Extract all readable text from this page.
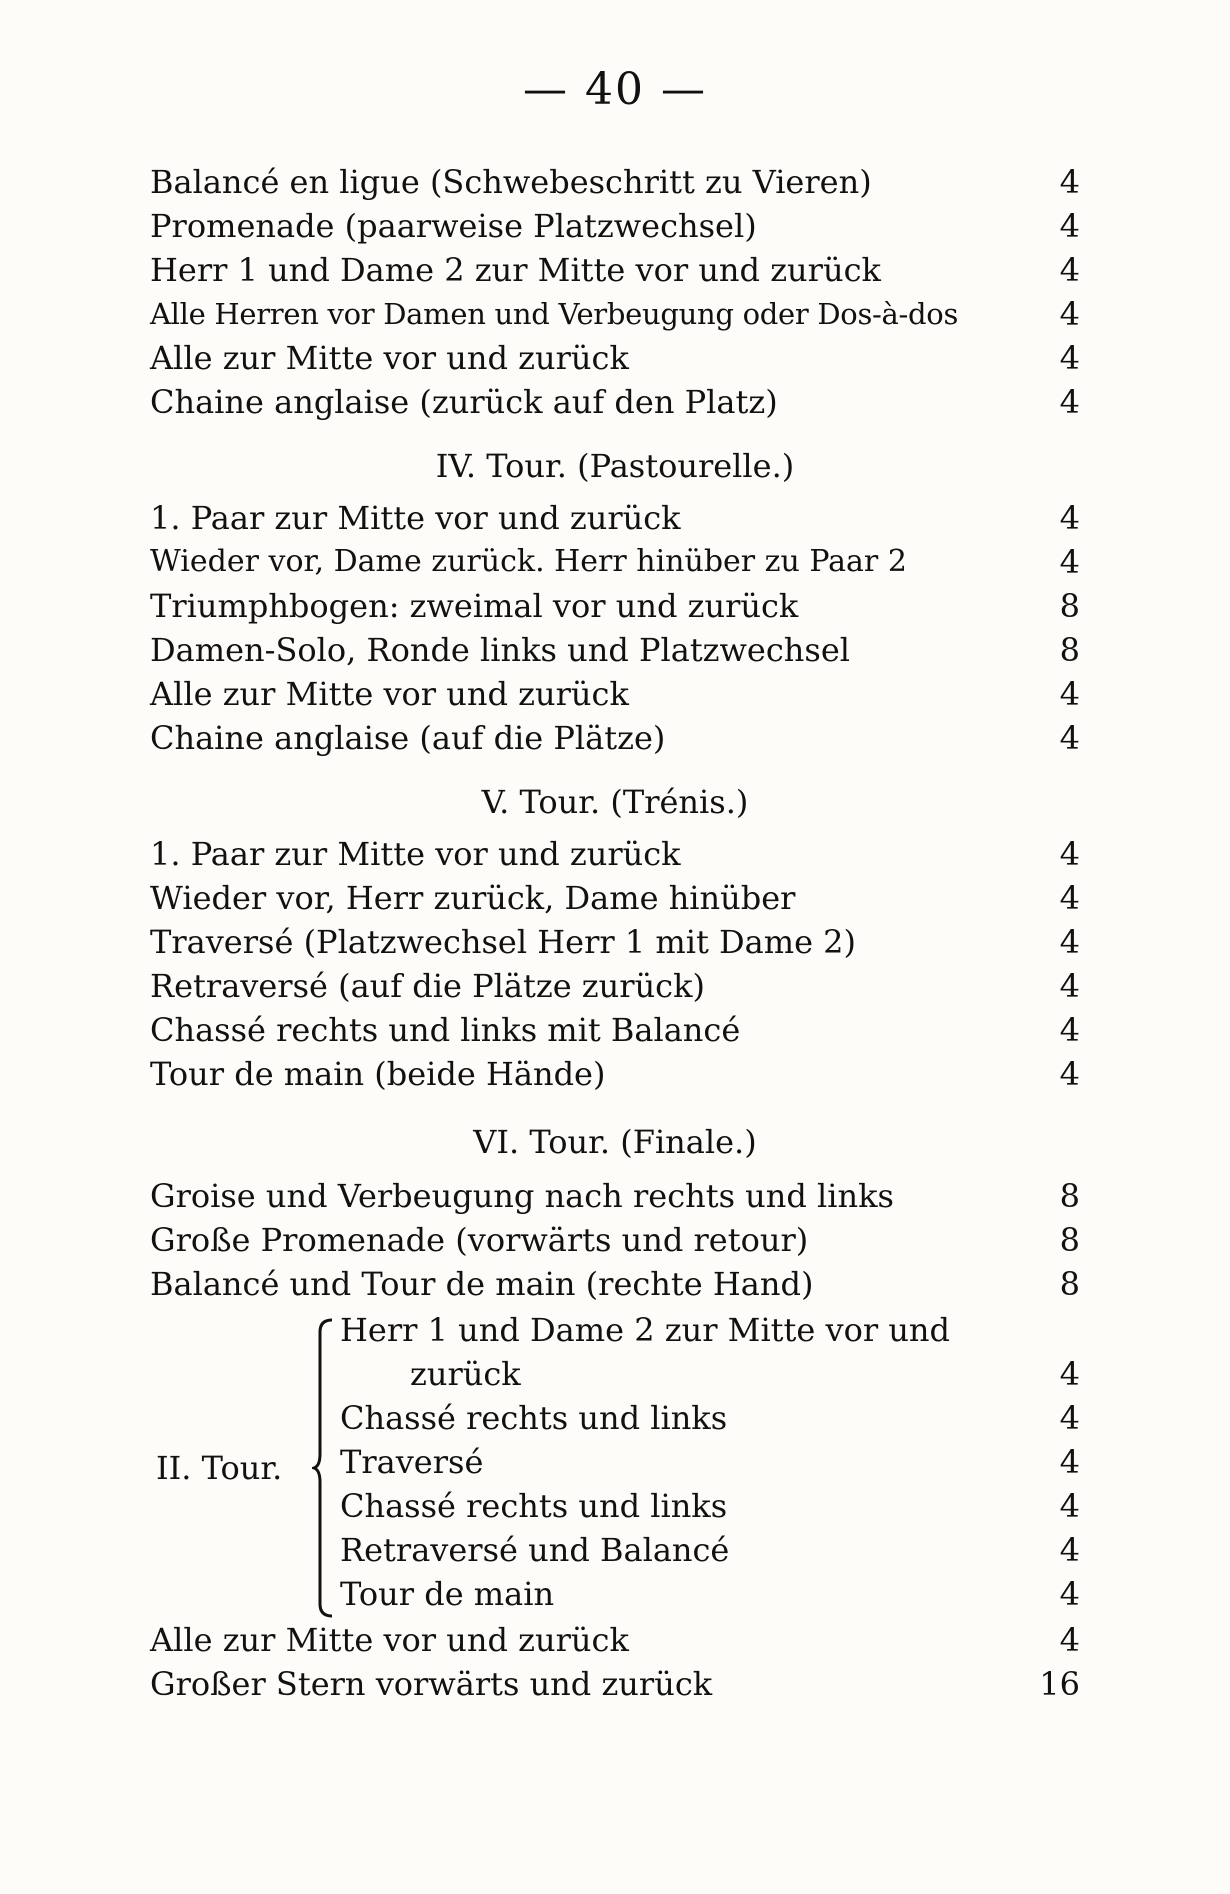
— 40 —
Balancé en ligue (Schwebeschritt zu Vieren)	4
Promenade (paarweise Platzwechsel)	4
Herr 1 und Dame 2 zur Mitte vor und zurück	4
Alle Herren vor Damen und Verbeugung oder Dos-à-dos	4
Alle zur Mitte vor und zurück	4
Chaine anglaise (zurück auf den Platz)	4
IV. Tour. (Pastourelle.)
1. Paar zur Mitte vor und zurück	4
Wieder vor, Dame zurück. Herr hinüber zu Paar 2	4
Triumphbogen: zweimal vor und zurück	8
Damen-Solo, Ronde links und Platzwechsel	8
Alle zur Mitte vor und zurück	4
Chaine anglaise (auf die Plätze)	4
V. Tour. (Trénis.)
1. Paar zur Mitte vor und zurück	4
Wieder vor, Herr zurück, Dame hinüber	4
Traversé (Platzwechsel Herr 1 mit Dame 2)	4
Retraversé (auf die Plätze zurück)	4
Chassé rechts und links mit Balancé	4
Tour de main (beide Hände)	4
VI. Tour. (Finale.)
Groise und Verbeugung nach rechts und links	8
Große Promenade (vorwärts und retour)	8
Balancé und Tour de main (rechte Hand)	8
II. Tour.
Herr 1 und Dame 2 zur Mitte vor und
zurück	4
Chassé rechts und links	4
Traversé	4
Chassé rechts und links	4
Retraversé und Balancé	4
Tour de main	4
Alle zur Mitte vor und zurück	4
Großer Stern vorwärts und zurück	16
